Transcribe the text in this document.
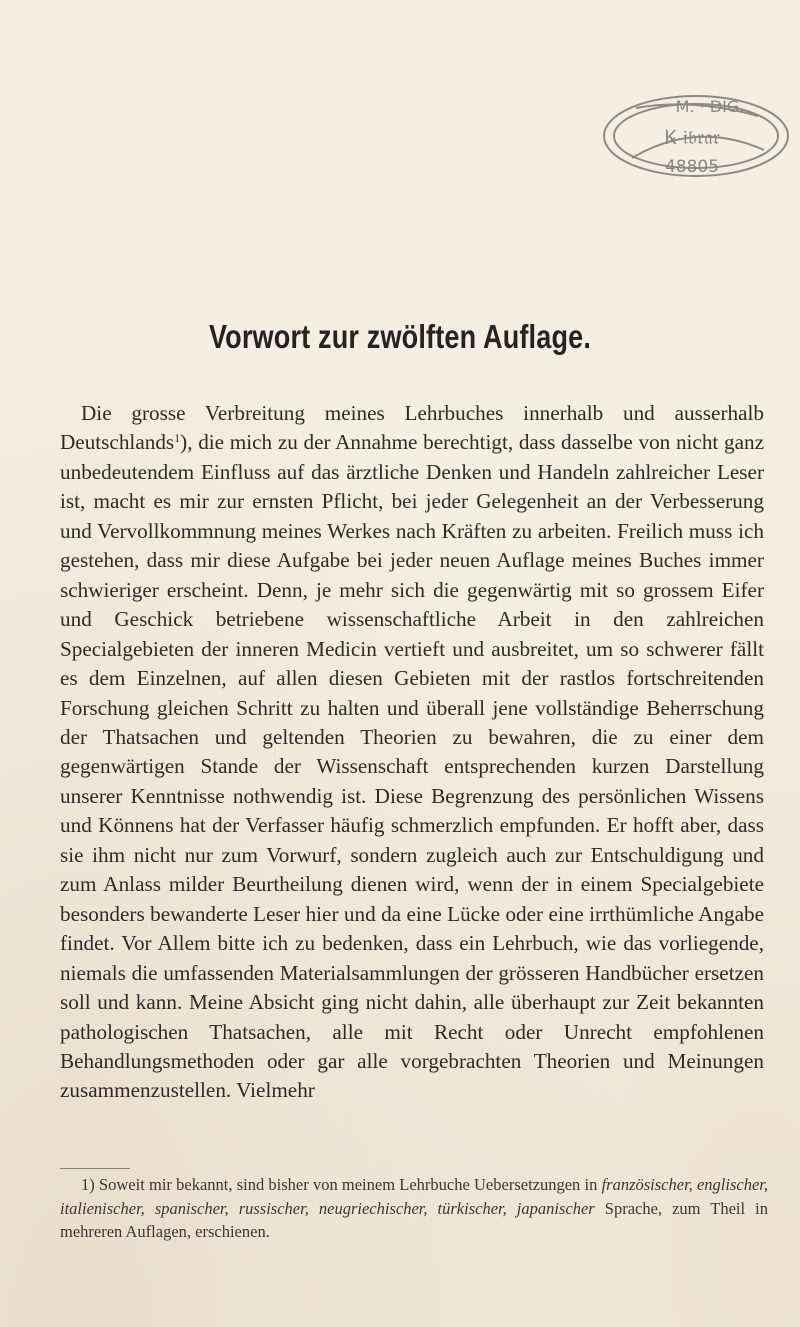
M. · DIG.
Ꝃ 𝔦𝔟𝔯𝔞𝔯
48805
Vorwort zur zwölften Auflage.

Die grosse Verbreitung meines Lehrbuches innerhalb und ausserhalb Deutschlands$^1$), die mich zu der Annahme berechtigt, dass dasselbe von nicht ganz unbedeutendem Einfluss auf das ärztliche Denken und Handeln zahlreicher Leser ist, macht es mir zur ernsten Pflicht, bei jeder Gelegenheit an der Verbesserung und Vervollkommnung meines Werkes nach Kräften zu arbeiten. Freilich muss ich gestehen, dass mir diese Aufgabe bei jeder neuen Auflage meines Buches immer schwieriger erscheint. Denn, je mehr sich die gegenwärtig mit so grossem Eifer und Geschick betriebene wissenschaftliche Arbeit in den zahlreichen Specialgebieten der inneren Medicin vertieft und ausbreitet, um so schwerer fällt es dem Einzelnen, auf allen diesen Gebieten mit der rastlos fortschreitenden Forschung gleichen Schritt zu halten und überall jene vollständige Beherrschung der Thatsachen und geltenden Theorien zu bewahren, die zu einer dem gegenwärtigen Stande der Wissenschaft entsprechenden kurzen Darstellung unserer Kenntnisse nothwendig ist. Diese Begrenzung des persönlichen Wissens und Könnens hat der Verfasser häufig schmerzlich empfunden. Er hofft aber, dass sie ihm nicht nur zum Vorwurf, sondern zugleich auch zur Entschuldigung und zum Anlass milder Beurtheilung dienen wird, wenn der in einem Specialgebiete besonders bewanderte Leser hier und da eine Lücke oder eine irrthümliche Angabe findet. Vor Allem bitte ich zu bedenken, dass ein Lehrbuch, wie das vorliegende, niemals die umfassenden Materialsammlungen der grösseren Handbücher ersetzen soll und kann. Meine Absicht ging nicht dahin, alle überhaupt zur Zeit bekannten pathologischen Thatsachen, alle mit Recht oder Unrecht empfohlenen Behandlungsmethoden oder gar alle vorgebrachten Theorien und Meinungen zusammenzustellen. Vielmehr

1) Soweit mir bekannt, sind bisher von meinem Lehrbuche Uebersetzungen in französischer, englischer, italienischer, spanischer, russischer, neugriechischer, türkischer, japanischer Sprache, zum Theil in mehreren Auflagen, erschienen.
